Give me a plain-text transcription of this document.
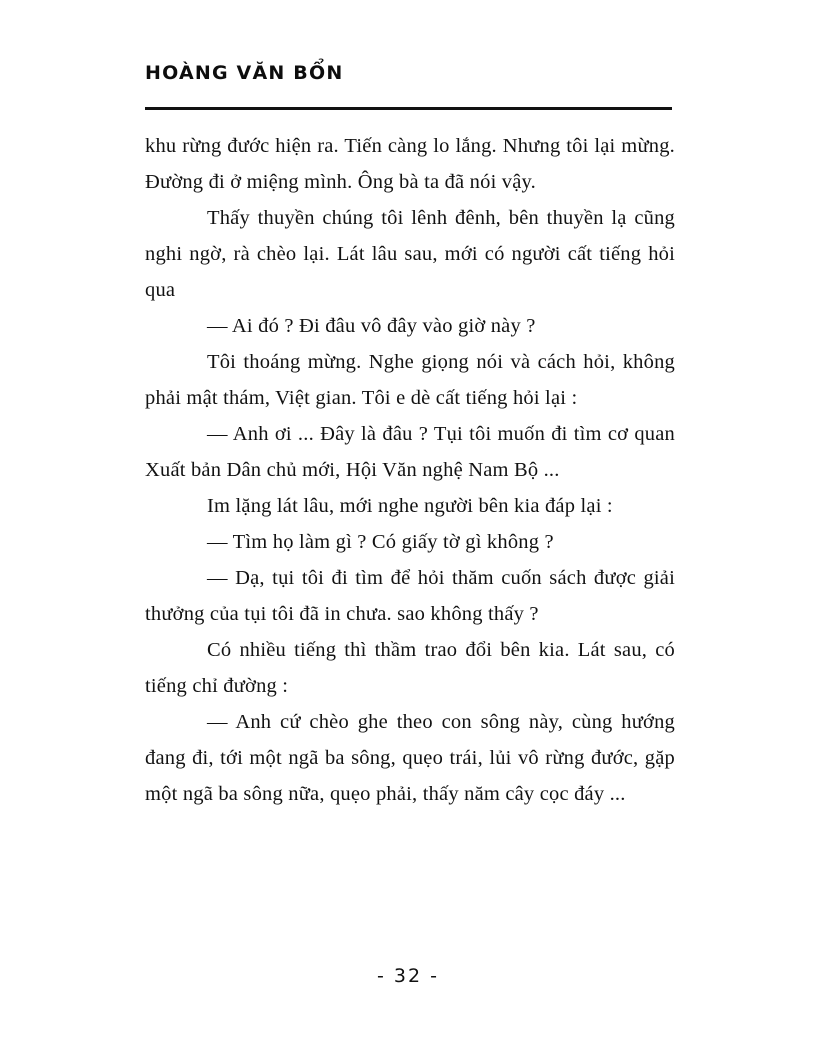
HOÀNG VĂN BỔN

khu rừng đước hiện ra. Tiến càng lo lắng. Nhưng tôi lại mừng. Đường đi ở miệng mình. Ông bà ta đã nói vậy.

Thấy thuyền chúng tôi lênh đênh, bên thuyền lạ cũng nghi ngờ, rà chèo lại. Lát lâu sau, mới có người cất tiếng hỏi qua

— Ai đó ? Đi đâu vô đây vào giờ này ?

Tôi thoáng mừng. Nghe giọng nói và cách hỏi, không phải mật thám, Việt gian. Tôi e dè cất tiếng hỏi lại :

— Anh ơi ... Đây là đâu ? Tụi tôi muốn đi tìm cơ quan Xuất bản Dân chủ mới, Hội Văn nghệ Nam Bộ ...

Im lặng lát lâu, mới nghe người bên kia đáp lại :

— Tìm họ làm gì ? Có giấy tờ gì không ?

— Dạ, tụi tôi đi tìm để hỏi thăm cuốn sách được giải thưởng của tụi tôi đã in chưa. sao không thấy ?

Có nhiều tiếng thì thầm trao đổi bên kia. Lát sau, có tiếng chỉ đường :

— Anh cứ chèo ghe theo con sông này, cùng hướng đang đi, tới một ngã ba sông, quẹo trái, lủi vô rừng đước, gặp một ngã ba sông nữa, quẹo phải, thấy năm cây cọc đáy ...

- 32 -
